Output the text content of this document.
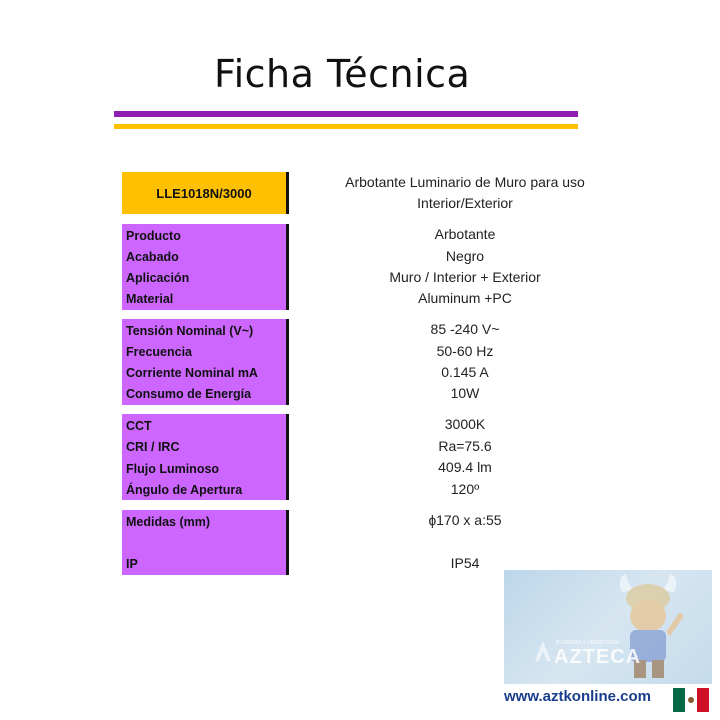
Ficha Técnica
LLE1018N/3000
Arbotante Luminario de Muro para uso
Interior/Exterior
Producto	Arbotante
Acabado	Negro
Aplicación	Muro / Interior + Exterior
Material	Aluminum +PC
Tensión Nominal (V~)	85 -240 V~
Frecuencia	50-60 Hz
Corriente Nominal mA	0.145 A
Consumo de Energía	10W
CCT	3000K
CRI / IRC	Ra=75.6
Flujo Luminoso	409.4 lm
Ángulo de Apertura	120º
Medidas (mm)	ɸ170 x a:55
IP	IP54
PLOMERÍA Y FERRETERÍA
AZTECA
www.aztkonline.com
